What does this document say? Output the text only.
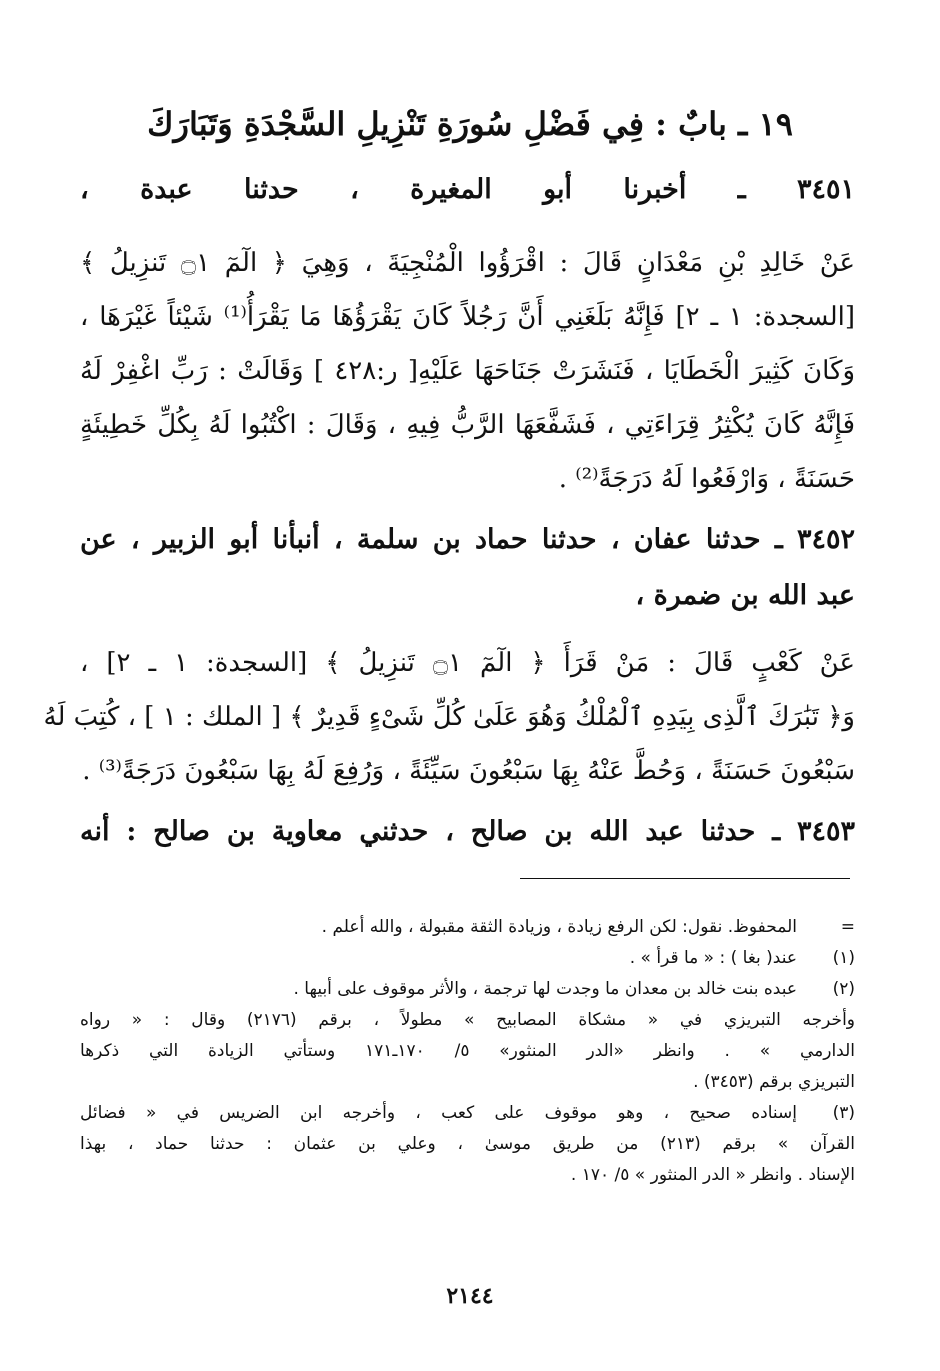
١٩ ـ بابٌ : فِي فَضْلِ سُورَةِ تَنْزِيلِ السَّجْدَةِ وَتَبَارَكَ
٣٤٥١ ـ أخبرنا أبو المغيرة ، حدثنا عبدة ،
عَنْ خَالِدِ بْنِ مَعْدَانٍ قَالَ : اقْرَؤُوا الْمُنْجِيَةَ ، وَهِيَ ﴿ الٓمٓ ۝١ تَنزِيلُ ﴾
[السجدة: ١ ـ ٢] فَإِنَّهُ بَلَغَنِي أَنَّ رَجُلاً كَانَ يَقْرَؤُهَا مَا يَقْرَأُ⁽¹⁾ شَيْئاً غَيْرَهَا ،
وَكَانَ كَثِيرَ الْخَطَايَا ، فَنَشَرَتْ جَنَاحَهَا عَلَيْهِ[ ر:٤٢٨ ] وَقَالَتْ : رَبِّ اغْفِرْ لَهُ
فَإِنَّهُ كَانَ يُكْثِرُ قِرَاءَتِي ، فَشَفَّعَهَا الرَّبُّ فِيهِ ، وَقَالَ : اكْتُبُوا لَهُ بِكُلِّ خَطِيئَةٍ
حَسَنَةً ، وَارْفَعُوا لَهُ دَرَجَةً⁽²⁾ .
٣٤٥٢ ـ حدثنا عفان ، حدثنا حماد بن سلمة ، أنبأنا أبو الزبير ، عن
عبد الله بن ضمرة ،
عَنْ كَعْبٍ قَالَ : مَنْ قَرَأَ ﴿ الٓمٓ ۝١ تَنزِيلُ ﴾ [السجدة: ١ ـ ٢] ،
وَ﴿ تَبَٰرَكَ ٱلَّذِى بِيَدِهِ ٱلْمُلْكُ وَهُوَ عَلَىٰ كُلِّ شَىْءٍ قَدِيرٌ ﴾ [ الملك : ١ ] ، كُتِبَ لَهُ
سَبْعُونَ حَسَنَةً ، وَحُطَّ عَنْهُ بِهَا سَبْعُونَ سَيِّئَةً ، وَرُفِعَ لَهُ بِهَا سَبْعُونَ دَرَجَةً⁽³⁾ .
٣٤٥٣ ـ حدثنا عبد الله بن صالح ، حدثني معاوية بن صالح : أنه
=
المحفوظ. نقول: لكن الرفع زيادة ، وزيادة الثقة مقبولة ، والله أعلم .
(١)
عند( بغا ) : « ما قرأ » .
(٢)
عبده بنت خالد بن معدان ما وجدت لها ترجمة ، والأثر موقوف على أبيها .
وأخرجه التبريزي في « مشكاة المصابيح » مطولاً ، برقم (٢١٧٦) وقال : « رواه
الدارمي » . وانظر «الدر المنثور» ٥/ ١٧٠ـ١٧١ وستأتي الزيادة التي ذكرها
التبريزي برقم (٣٤٥٣) .
(٣)
إسناده صحيح ، وهو موقوف على كعب ، وأخرجه ابن الضريس في « فضائل
القرآن » برقم (٢١٣) من طريق موسىٰ ، وعلي بن عثمان : حدثنا حماد ، بهذا
الإسناد . وانظر « الدر المنثور » ٥/ ١٧٠ .
٢١٤٤
